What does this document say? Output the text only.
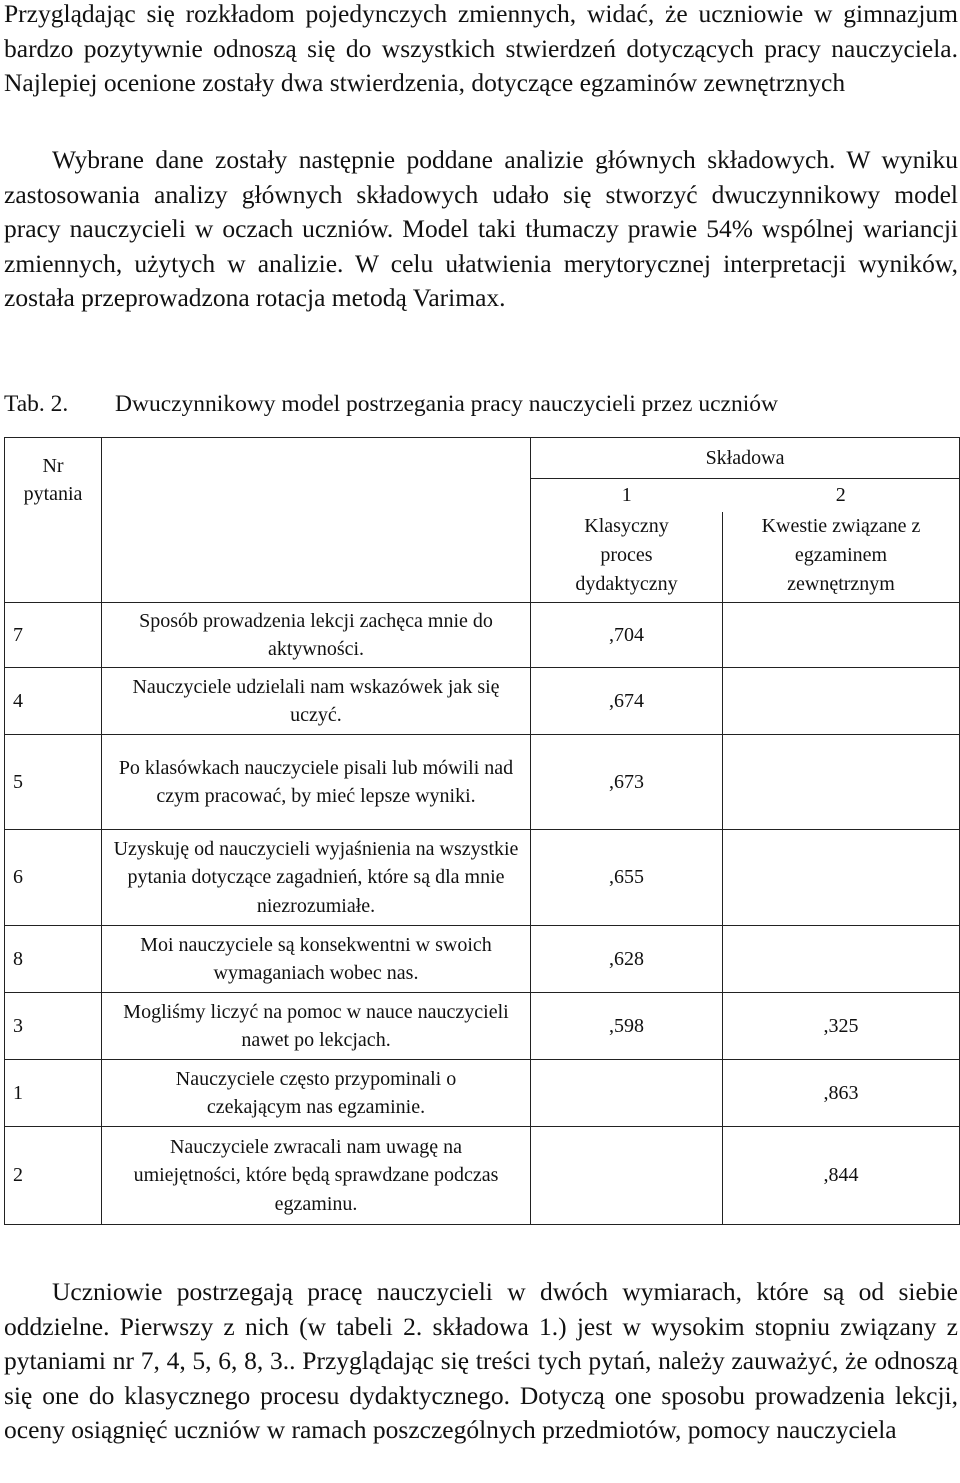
Przyglądając się rozkładom pojedynczych zmiennych, widać, że uczniowie w gimnazjum bardzo pozytywnie odnoszą się do wszystkich stwierdzeń dotyczących pracy nauczyciela. Najlepiej ocenione zostały dwa stwierdzenia, dotyczące egzaminów zewnętrznych

Wybrane dane zostały następnie poddane analizie głównych składowych. W wyniku zastosowania analizy głównych składowych udało się stworzyć dwuczynnikowy model pracy nauczycieli w oczach uczniów. Model taki tłumaczy prawie 54% wspólnej wariancji zmiennych, użytych w analizie. W celu ułatwienia merytorycznej interpretacji wyników, została przeprowadzona rotacja metodą Varimax.

Tab. 2. Dwuczynnikowy model postrzegania pracy nauczycieli przez uczniów
Nr pytania		Składowa	
		1	2

		Klasyczny proces dydaktyczny	Kwestie związane z egzaminem zewnętrznym

7	Sposób prowadzenia lekcji zachęca mnie do aktywności.	,704	
4	Nauczyciele udzielali nam wskazówek jak się uczyć.	,674	
5	Po klasówkach nauczyciele pisali lub mówili nad czym pracować, by mieć lepsze wyniki.	,673	
6	Uzyskuję od nauczycieli wyjaśnienia na wszystkie pytania dotyczące zagadnień, które są dla mnie niezrozumiałe.	,655	
8	Moi nauczyciele są konsekwentni w swoich wymaganiach wobec nas.	,628	
3	Mogliśmy liczyć na pomoc w nauce nauczycieli nawet po lekcjach.	,598	,325
1	Nauczyciele często przypominali o czekającym nas egzaminie.		,863
2	Nauczyciele zwracali nam uwagę na umiejętności, które będą sprawdzane podczas egzaminu.		,844

Uczniowie postrzegają pracę nauczycieli w dwóch wymiarach, które są od siebie oddzielne. Pierwszy z nich (w tabeli 2. składowa 1.) jest w wysokim stopniu związany z pytaniami nr 7, 4, 5, 6, 8, 3.. Przyglądając się treści tych pytań, należy zauważyć, że odnoszą się one do klasycznego procesu dydaktycznego. Dotyczą one sposobu prowadzenia lekcji, oceny osiągnięć uczniów w ramach poszczególnych przedmiotów, pomocy nauczyciela
